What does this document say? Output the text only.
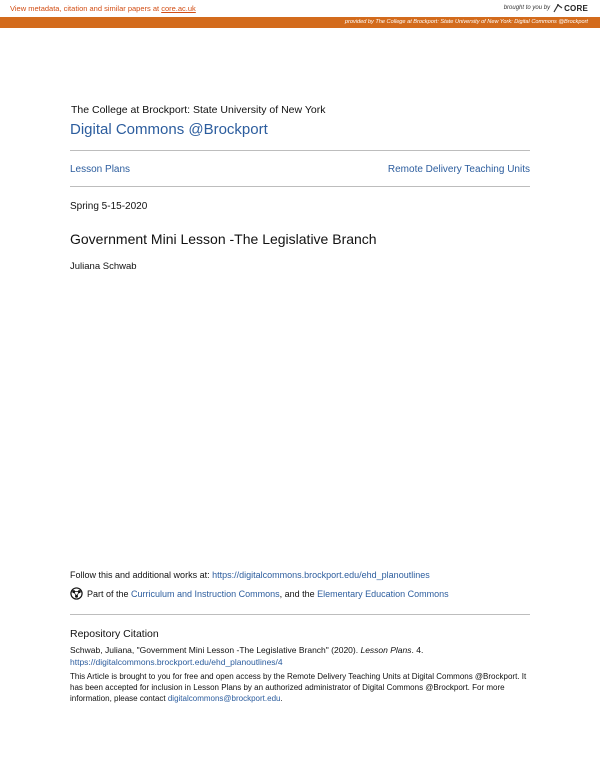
View metadata, citation and similar papers at core.ac.uk	brought to you by CORE
provided by The College at Brockport: State University of New York: Digital Commons @Brockport
The College at Brockport: State University of New York
Digital Commons @Brockport
Lesson Plans	Remote Delivery Teaching Units
Spring 5-15-2020
Government Mini Lesson -The Legislative Branch
Juliana Schwab
Follow this and additional works at: https://digitalcommons.brockport.edu/ehd_planoutlines
Part of the Curriculum and Instruction Commons, and the Elementary Education Commons
Repository Citation
Schwab, Juliana, "Government Mini Lesson -The Legislative Branch" (2020). Lesson Plans. 4.
https://digitalcommons.brockport.edu/ehd_planoutlines/4
This Article is brought to you for free and open access by the Remote Delivery Teaching Units at Digital Commons @Brockport. It has been accepted for inclusion in Lesson Plans by an authorized administrator of Digital Commons @Brockport. For more information, please contact digitalcommons@brockport.edu.
